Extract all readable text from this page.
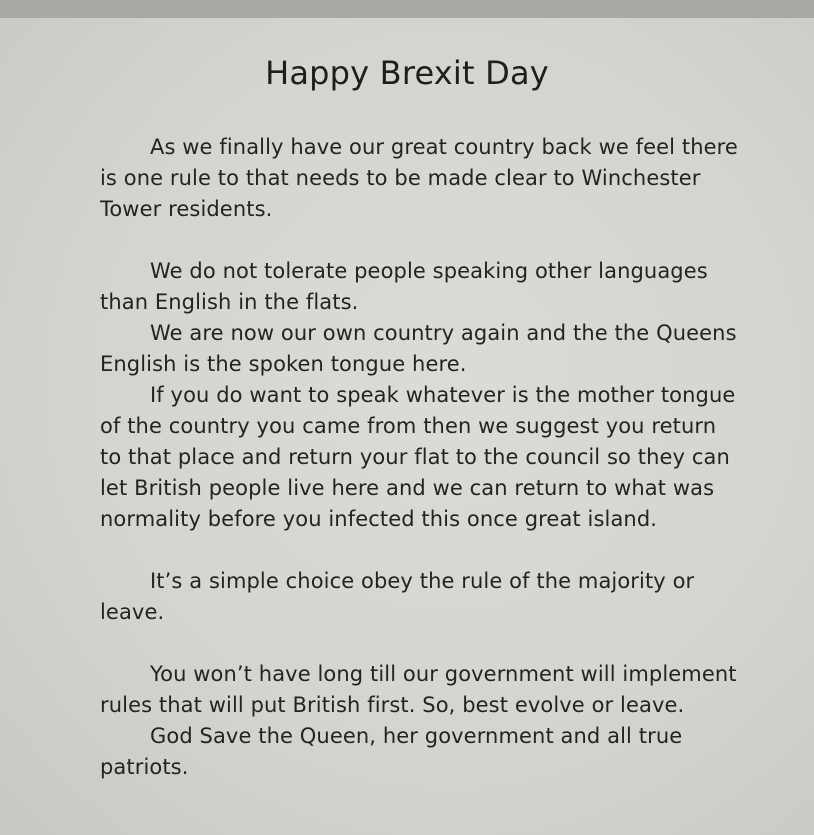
Happy Brexit Day

As we finally have our great country back we feel there is one rule to that needs to be made clear to Winchester Tower residents.

We do not tolerate people speaking other languages than English in the flats.

We are now our own country again and the the Queens English is the spoken tongue here.

If you do want to speak whatever is the mother tongue of the country you came from then we suggest you return to that place and return your flat to the council so they can let British people live here and we can return to what was normality before you infected this once great island.

It’s a simple choice obey the rule of the majority or leave.

You won’t have long till our government will implement rules that will put British first. So, best evolve or leave.

God Save the Queen, her government and all true patriots.
